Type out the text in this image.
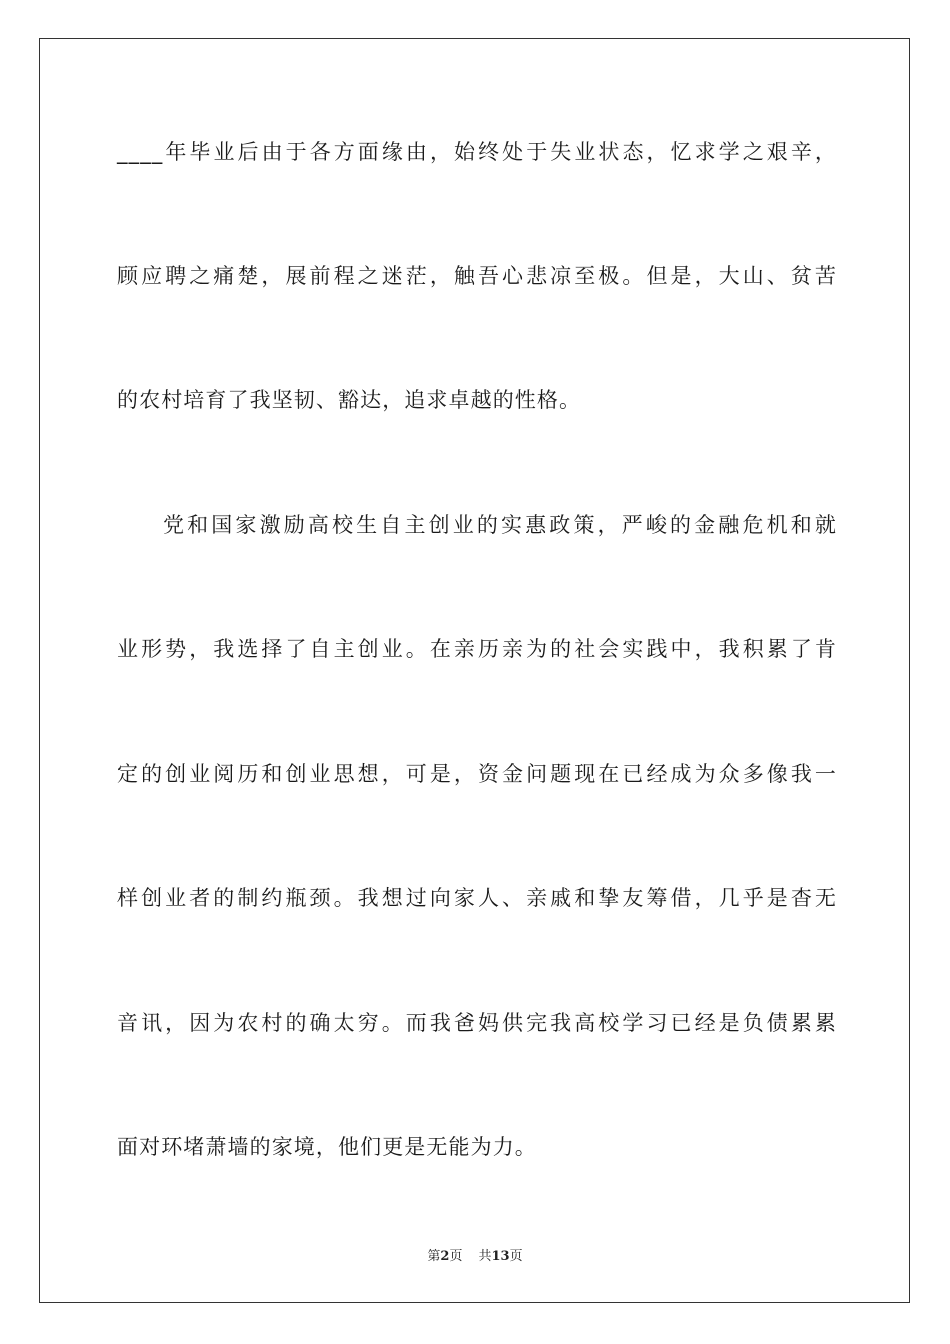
____年毕业后由于各方面缘由，始终处于失业状态，忆求学之艰辛，
顾应聘之痛楚，展前程之迷茫，触吾心悲凉至极。但是，大山、贫苦
的农村培育了我坚韧、豁达，追求卓越的性格。
党和国家激励高校生自主创业的实惠政策，严峻的金融危机和就
业形势，我选择了自主创业。在亲历亲为的社会实践中，我积累了肯
定的创业阅历和创业思想，可是，资金问题现在已经成为众多像我一
样创业者的制约瓶颈。我想过向家人、亲戚和挚友筹借，几乎是杳无
音讯，因为农村的确太穷。而我爸妈供完我高校学习已经是负债累累
面对环堵萧墙的家境，他们更是无能为力。
第2页 共13页
